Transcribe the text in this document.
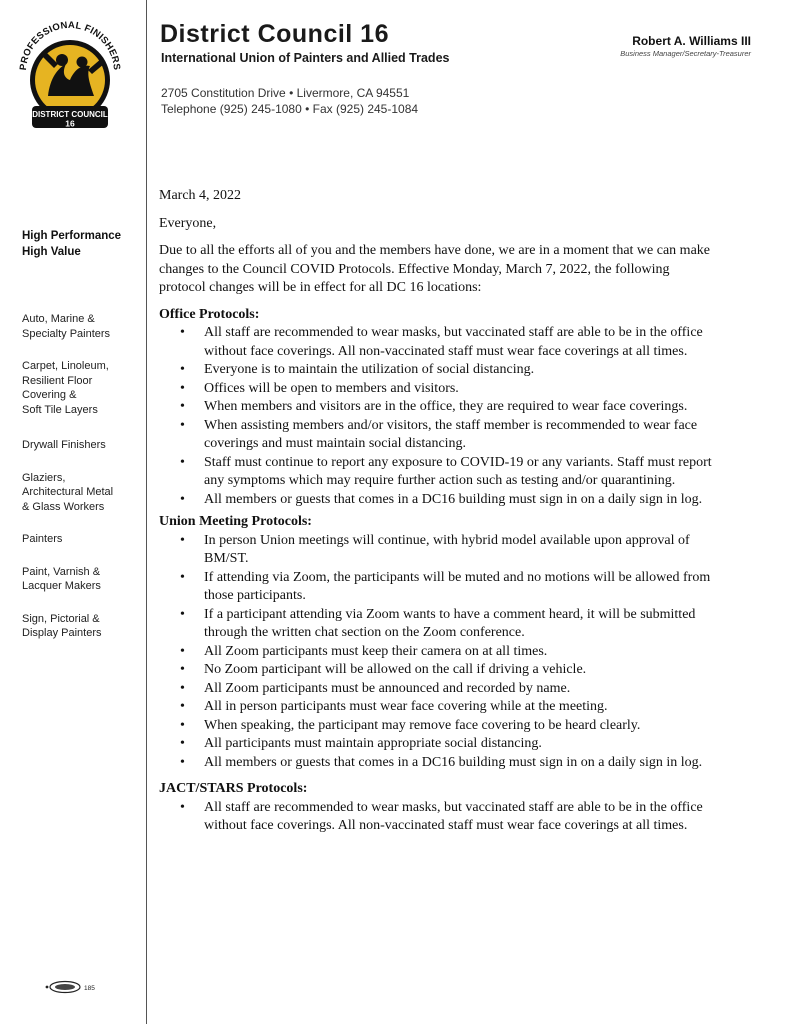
PROFESSIONAL FINISHERS
DISTRICT COUNCIL
16
High Performance
High Value
Auto, Marine &
Specialty Painters
Carpet, Linoleum,
Resilient Floor
Covering &
Soft Tile Layers
Drywall Finishers
Glaziers,
Architectural Metal
& Glass Workers
Painters
Paint, Varnish &
Lacquer Makers
Sign, Pictorial &
Display Painters
185
District Council 16
International Union of Painters and Allied Trades
2705 Constitution Drive • Livermore, CA 94551
Telephone (925) 245-1080 • Fax (925) 245-1084
Robert A. Williams III
Business Manager/Secretary-Treasurer

March 4, 2022

Everyone,

Due to all the efforts all of you and the members have done, we are in a moment that we can make changes to the Council COVID Protocols. Effective Monday, March 7, 2022, the following protocol changes will be in effect for all DC 16 locations:

Office Protocols:

• All staff are recommended to wear masks, but vaccinated staff are able to be in the office without face coverings. All non-vaccinated staff must wear face coverings at all times.
• Everyone is to maintain the utilization of social distancing.
• Offices will be open to members and visitors.
• When members and visitors are in the office, they are required to wear face coverings.
• When assisting members and/or visitors, the staff member is recommended to wear face coverings and must maintain social distancing.
• Staff must continue to report any exposure to COVID-19 or any variants. Staff must report any symptoms which may require further action such as testing and/or quarantining.
• All members or guests that comes in a DC16 building must sign in on a daily sign in log.

Union Meeting Protocols:

• In person Union meetings will continue, with hybrid model available upon approval of BM/ST.
• If attending via Zoom, the participants will be muted and no motions will be allowed from those participants.
• If a participant attending via Zoom wants to have a comment heard, it will be submitted through the written chat section on the Zoom conference.
• All Zoom participants must keep their camera on at all times.
• No Zoom participant will be allowed on the call if driving a vehicle.
• All Zoom participants must be announced and recorded by name.
• All in person participants must wear face covering while at the meeting.
• When speaking, the participant may remove face covering to be heard clearly.
• All participants must maintain appropriate social distancing.
• All members or guests that comes in a DC16 building must sign in on a daily sign in log.

JACT/STARS Protocols:

• All staff are recommended to wear masks, but vaccinated staff are able to be in the office without face coverings. All non-vaccinated staff must wear face coverings at all times.
